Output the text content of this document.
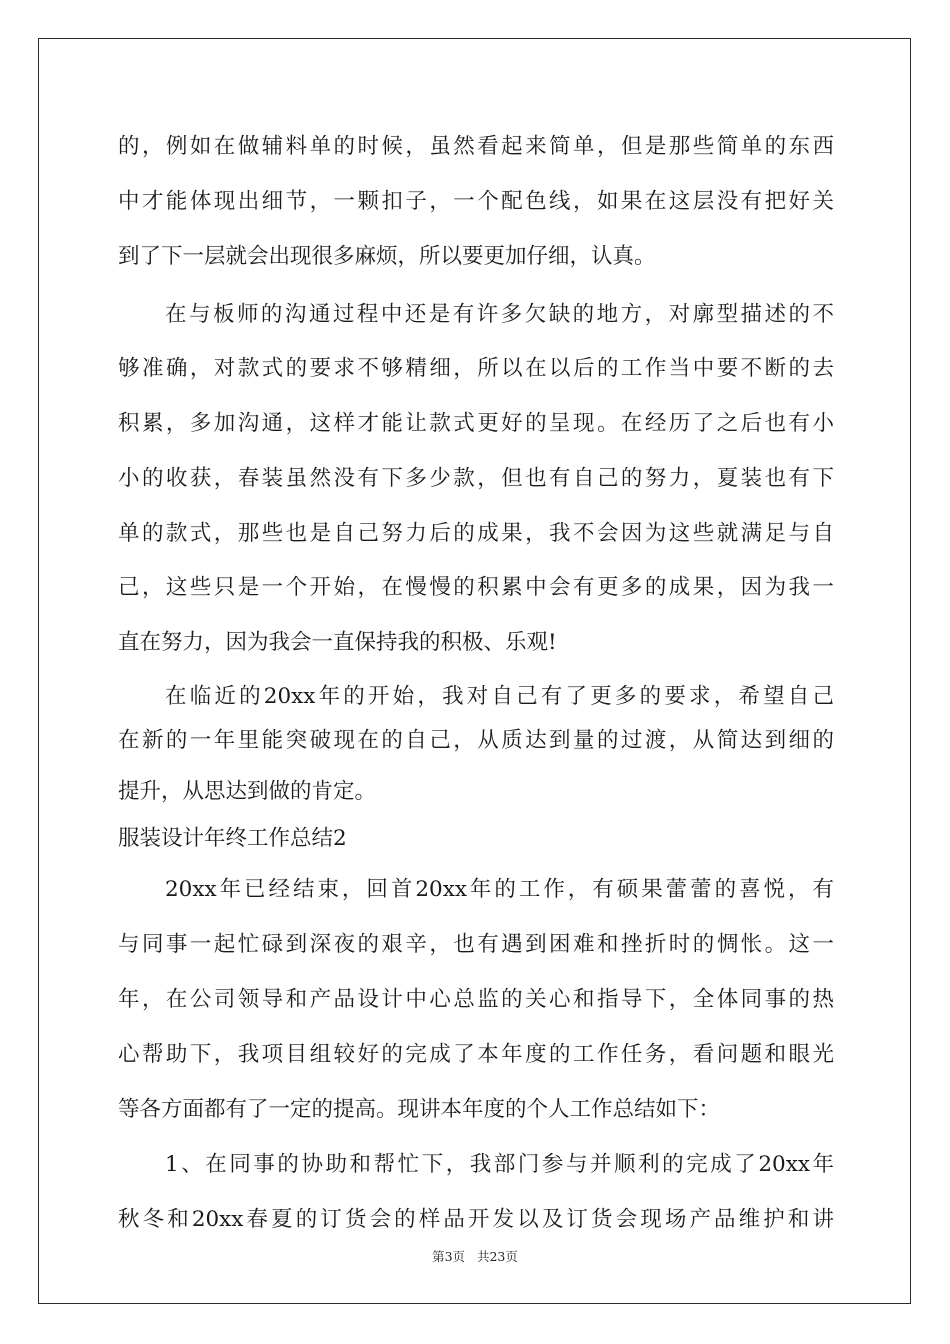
的，例如在做辅料单的时候，虽然看起来简单，但是那些简单的东西
中才能体现出细节，一颗扣子，一个配色线，如果在这层没有把好关
到了下一层就会出现很多麻烦，所以要更加仔细，认真。
在与板师的沟通过程中还是有许多欠缺的地方，对廓型描述的不
够准确，对款式的要求不够精细，所以在以后的工作当中要不断的去
积累，多加沟通，这样才能让款式更好的呈现。在经历了之后也有小
小的收获，春装虽然没有下多少款，但也有自己的努力，夏装也有下
单的款式，那些也是自己努力后的成果，我不会因为这些就满足与自
己，这些只是一个开始，在慢慢的积累中会有更多的成果，因为我一
直在努力，因为我会一直保持我的积极、乐观!
在临近的20xx年的开始，我对自己有了更多的要求，希望自己
在新的一年里能突破现在的自己，从质达到量的过渡，从简达到细的
提升，从思达到做的肯定。
服装设计年终工作总结2
20xx年已经结束，回首20xx年的工作，有硕果蕾蕾的喜悦，有
与同事一起忙碌到深夜的艰辛，也有遇到困难和挫折时的惆怅。这一
年，在公司领导和产品设计中心总监的关心和指导下，全体同事的热
心帮助下，我项目组较好的完成了本年度的工作任务，看问题和眼光
等各方面都有了一定的提高。现讲本年度的个人工作总结如下：
1、在同事的协助和帮忙下，我部门参与并顺利的完成了20xx年
秋冬和20xx春夏的订货会的样品开发以及订货会现场产品维护和讲
第3页 共23页
